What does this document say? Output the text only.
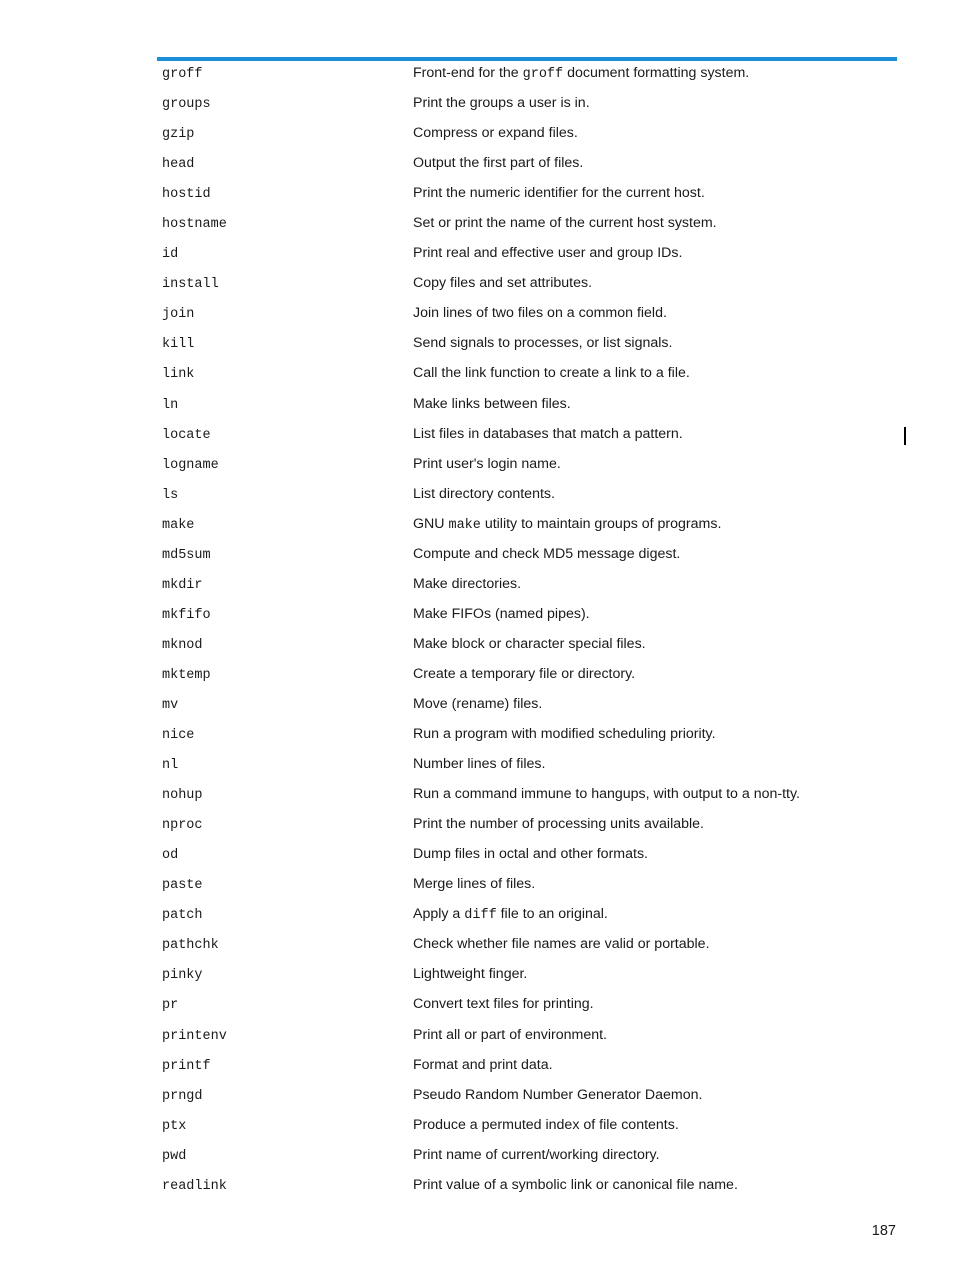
groff	Front-end for the groff document formatting system.
groups	Print the groups a user is in.
gzip	Compress or expand files.
head	Output the first part of files.
hostid	Print the numeric identifier for the current host.
hostname	Set or print the name of the current host system.
id	Print real and effective user and group IDs.
install	Copy files and set attributes.
join	Join lines of two files on a common field.
kill	Send signals to processes, or list signals.
link	Call the link function to create a link to a file.
ln	Make links between files.
locate	List files in databases that match a pattern.
logname	Print user's login name.
ls	List directory contents.
make	GNU make utility to maintain groups of programs.
md5sum	Compute and check MD5 message digest.
mkdir	Make directories.
mkfifo	Make FIFOs (named pipes).
mknod	Make block or character special files.
mktemp	Create a temporary file or directory.
mv	Move (rename) files.
nice	Run a program with modified scheduling priority.
nl	Number lines of files.
nohup	Run a command immune to hangups, with output to a non-tty.
nproc	Print the number of processing units available.
od	Dump files in octal and other formats.
paste	Merge lines of files.
patch	Apply a diff file to an original.
pathchk	Check whether file names are valid or portable.
pinky	Lightweight finger.
pr	Convert text files for printing.
printenv	Print all or part of environment.
printf	Format and print data.
prngd	Pseudo Random Number Generator Daemon.
ptx	Produce a permuted index of file contents.
pwd	Print name of current/working directory.
readlink	Print value of a symbolic link or canonical file name.
187
